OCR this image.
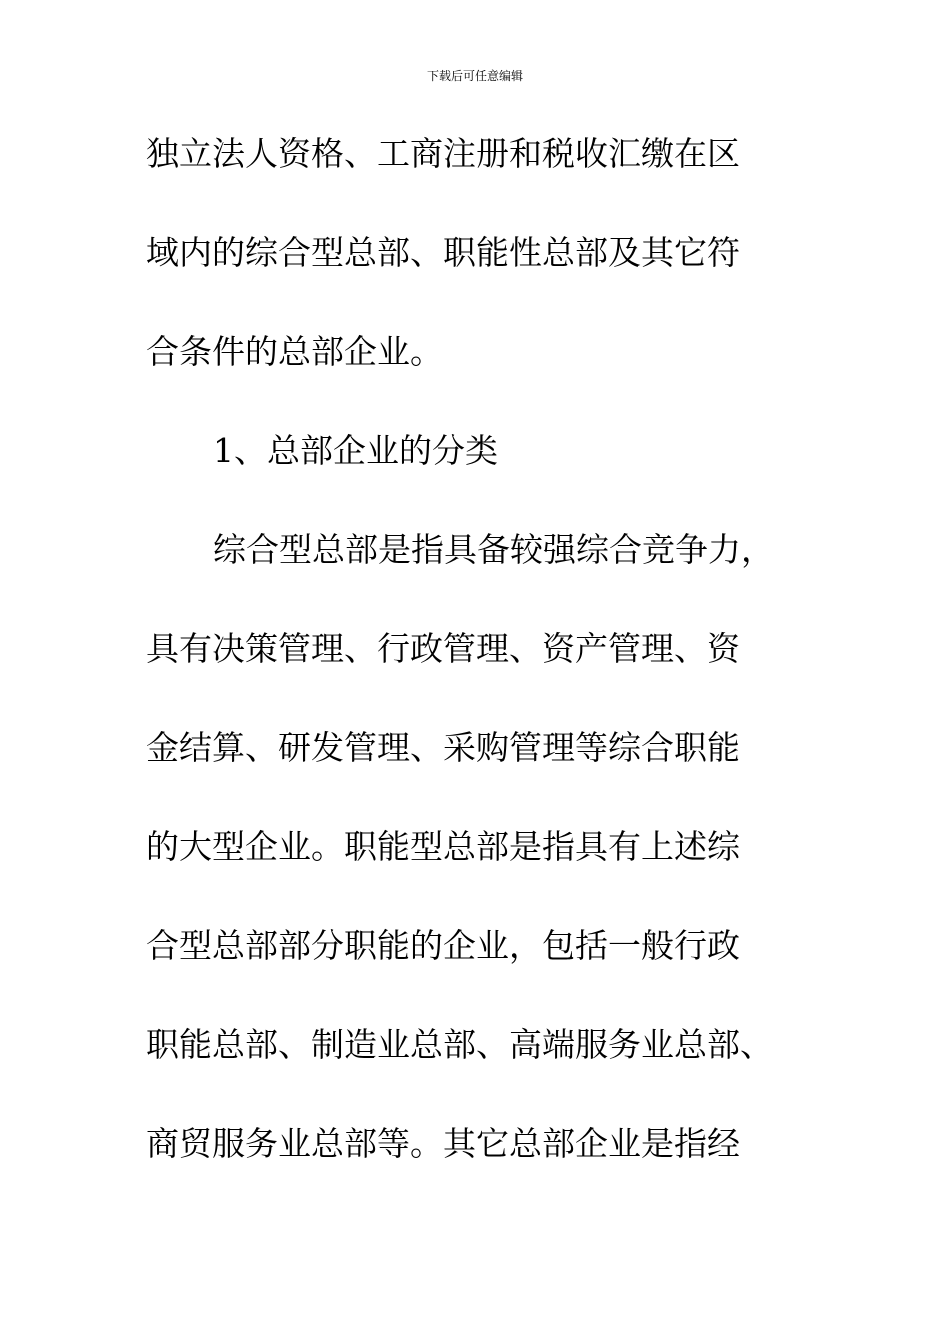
下载后可任意编辑
独立法人资格、工商注册和税收汇缴在区
域内的综合型总部、职能性总部及其它符
合条件的总部企业。
1、总部企业的分类
综合型总部是指具备较强综合竞争力，
具有决策管理、行政管理、资产管理、资
金结算、研发管理、采购管理等综合职能
的大型企业。职能型总部是指具有上述综
合型总部部分职能的企业，包括一般行政
职能总部、制造业总部、高端服务业总部、
商贸服务业总部等。其它总部企业是指经
